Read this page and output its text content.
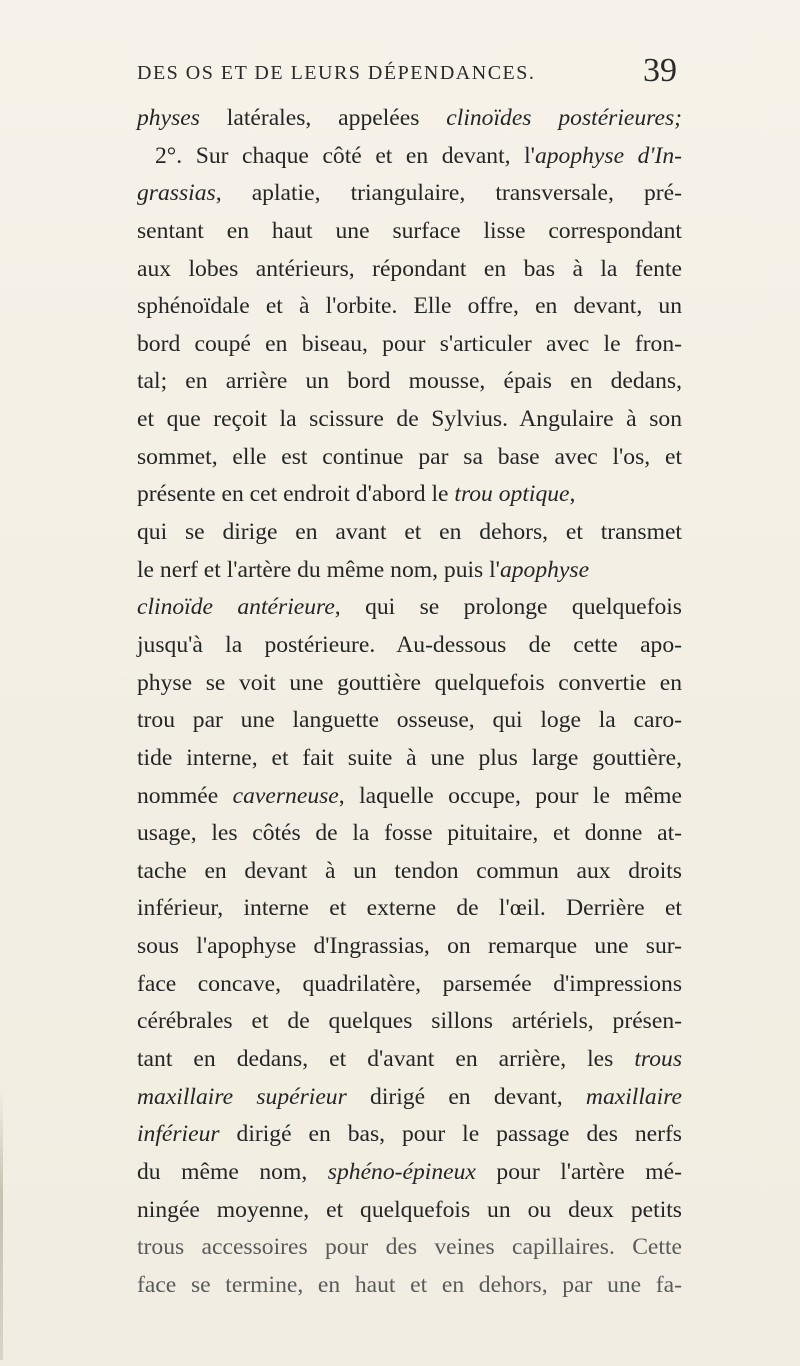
DES OS ET DE LEURS DÉPENDANCES.	39
physes latérales, appelées clinoïdes postérieures;
2°. Sur chaque côté et en devant, l'apophyse d'In-
grassias, aplatie, triangulaire, transversale, pré-
sentant en haut une surface lisse correspondant
aux lobes antérieurs, répondant en bas à la fente
sphénoïdale et à l'orbite. Elle offre, en devant, un
bord coupé en biseau, pour s'articuler avec le fron-
tal; en arrière un bord mousse, épais en dedans,
et que reçoit la scissure de Sylvius. Angulaire à son
sommet, elle est continue par sa base avec l'os, et
présente en cet endroit d'abord le trou optique,
qui se dirige en avant et en dehors, et transmet
le nerf et l'artère du même nom, puis l'apophyse
clinoïde antérieure, qui se prolonge quelquefois
jusqu'à la postérieure. Au-dessous de cette apo-
physe se voit une gouttière quelquefois convertie en
trou par une languette osseuse, qui loge la caro-
tide interne, et fait suite à une plus large gouttière,
nommée caverneuse, laquelle occupe, pour le même
usage, les côtés de la fosse pituitaire, et donne at-
tache en devant à un tendon commun aux droits
inférieur, interne et externe de l'œil. Derrière et
sous l'apophyse d'Ingrassias, on remarque une sur-
face concave, quadrilatère, parsemée d'impressions
cérébrales et de quelques sillons artériels, présen-
tant en dedans, et d'avant en arrière, les trous
maxillaire supérieur dirigé en devant, maxillaire
inférieur dirigé en bas, pour le passage des nerfs
du même nom, sphéno-épineux pour l'artère mé-
ningée moyenne, et quelquefois un ou deux petits
trous accessoires pour des veines capillaires. Cette
face se termine, en haut et en dehors, par une fa-
